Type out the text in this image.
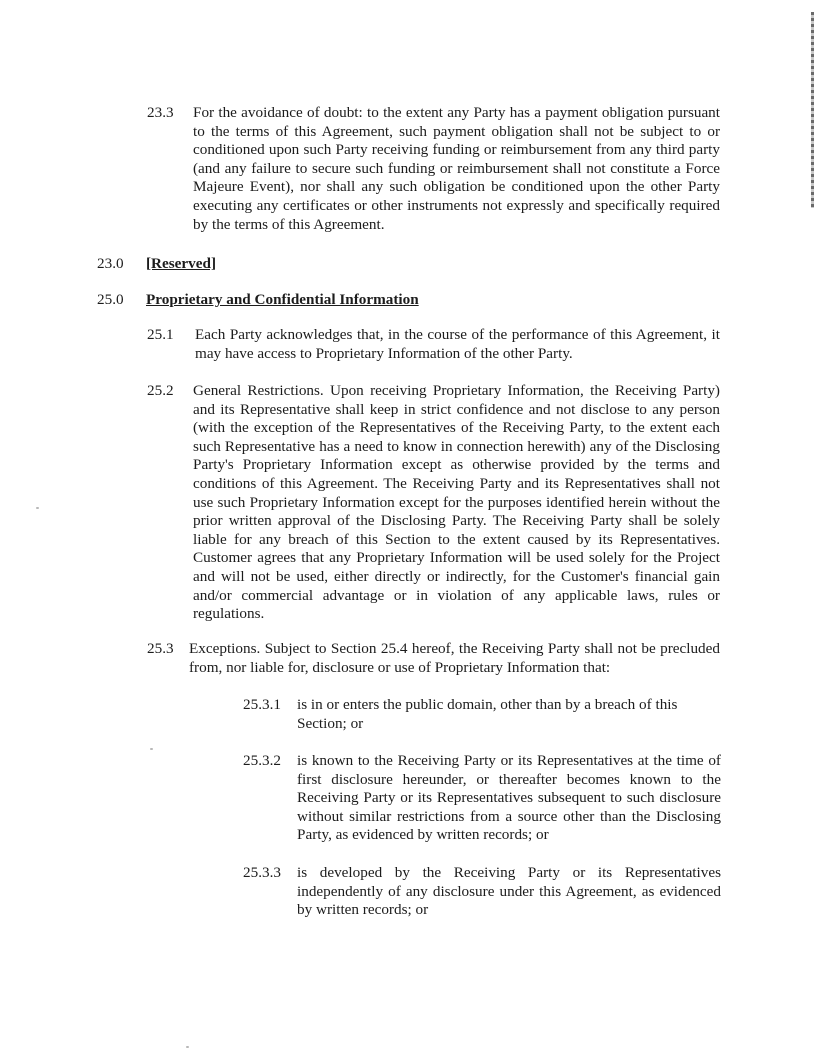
23.3 For the avoidance of doubt: to the extent any Party has a payment obligation pursuant to the terms of this Agreement, such payment obligation shall not be subject to or conditioned upon such Party receiving funding or reimbursement from any third party (and any failure to secure such funding or reimbursement shall not constitute a Force Majeure Event), nor shall any such obligation be conditioned upon the other Party executing any certificates or other instruments not expressly and specifically required by the terms of this Agreement.
23.0 [Reserved]
25.0 Proprietary and Confidential Information
25.1 Each Party acknowledges that, in the course of the performance of this Agreement, it may have access to Proprietary Information of the other Party.
25.2 General Restrictions. Upon receiving Proprietary Information, the Receiving Party) and its Representative shall keep in strict confidence and not disclose to any person (with the exception of the Representatives of the Receiving Party, to the extent each such Representative has a need to know in connection herewith) any of the Disclosing Party's Proprietary Information except as otherwise provided by the terms and conditions of this Agreement. The Receiving Party and its Representatives shall not use such Proprietary Information except for the purposes identified herein without the prior written approval of the Disclosing Party. The Receiving Party shall be solely liable for any breach of this Section to the extent caused by its Representatives. Customer agrees that any Proprietary Information will be used solely for the Project and will not be used, either directly or indirectly, for the Customer's financial gain and/or commercial advantage or in violation of any applicable laws, rules or regulations.
25.3 Exceptions. Subject to Section 25.4 hereof, the Receiving Party shall not be precluded from, nor liable for, disclosure or use of Proprietary Information that:
25.3.1 is in or enters the public domain, other than by a breach of this Section; or
25.3.2 is known to the Receiving Party or its Representatives at the time of first disclosure hereunder, or thereafter becomes known to the Receiving Party or its Representatives subsequent to such disclosure without similar restrictions from a source other than the Disclosing Party, as evidenced by written records; or
25.3.3 is developed by the Receiving Party or its Representatives independently of any disclosure under this Agreement, as evidenced by written records; or
